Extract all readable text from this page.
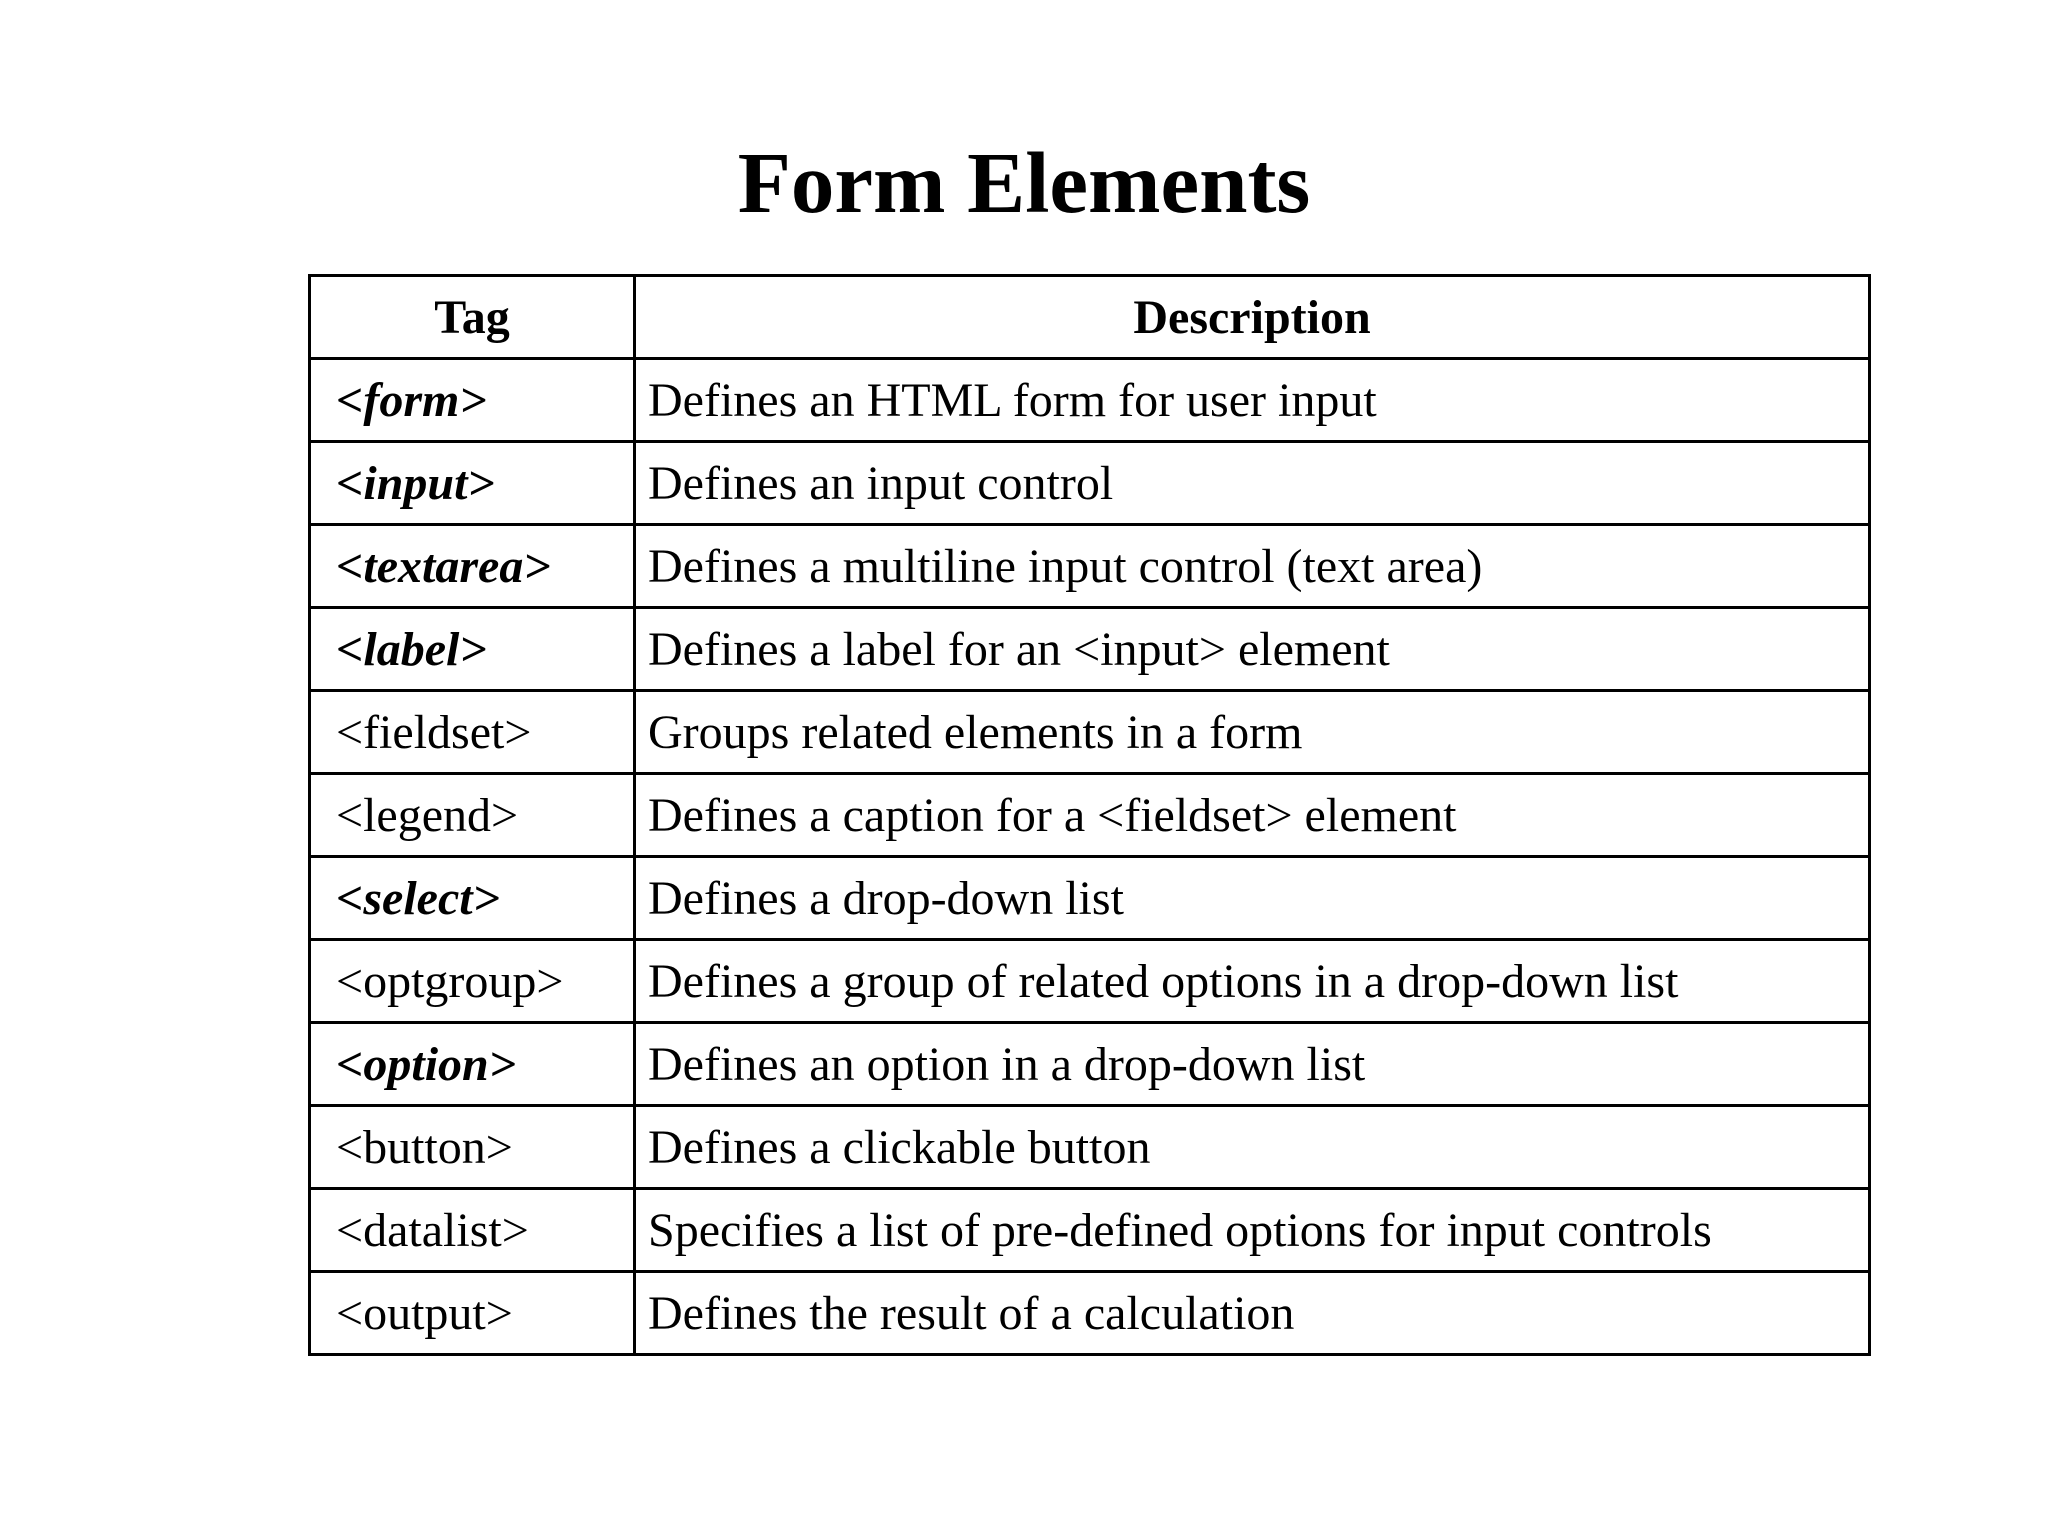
Form Elements
Tag	Description
<form>	Defines an HTML form for user input
<input>	Defines an input control
<textarea>	Defines a multiline input control (text area)
<label>	Defines a label for an <input> element
<fieldset>	Groups related elements in a form
<legend>	Defines a caption for a <fieldset> element
<select>	Defines a drop-down list
<optgroup>	Defines a group of related options in a drop-down list
<option>	Defines an option in a drop-down list
<button>	Defines a clickable button
<datalist>	Specifies a list of pre-defined options for input controls
<output>	Defines the result of a calculation
